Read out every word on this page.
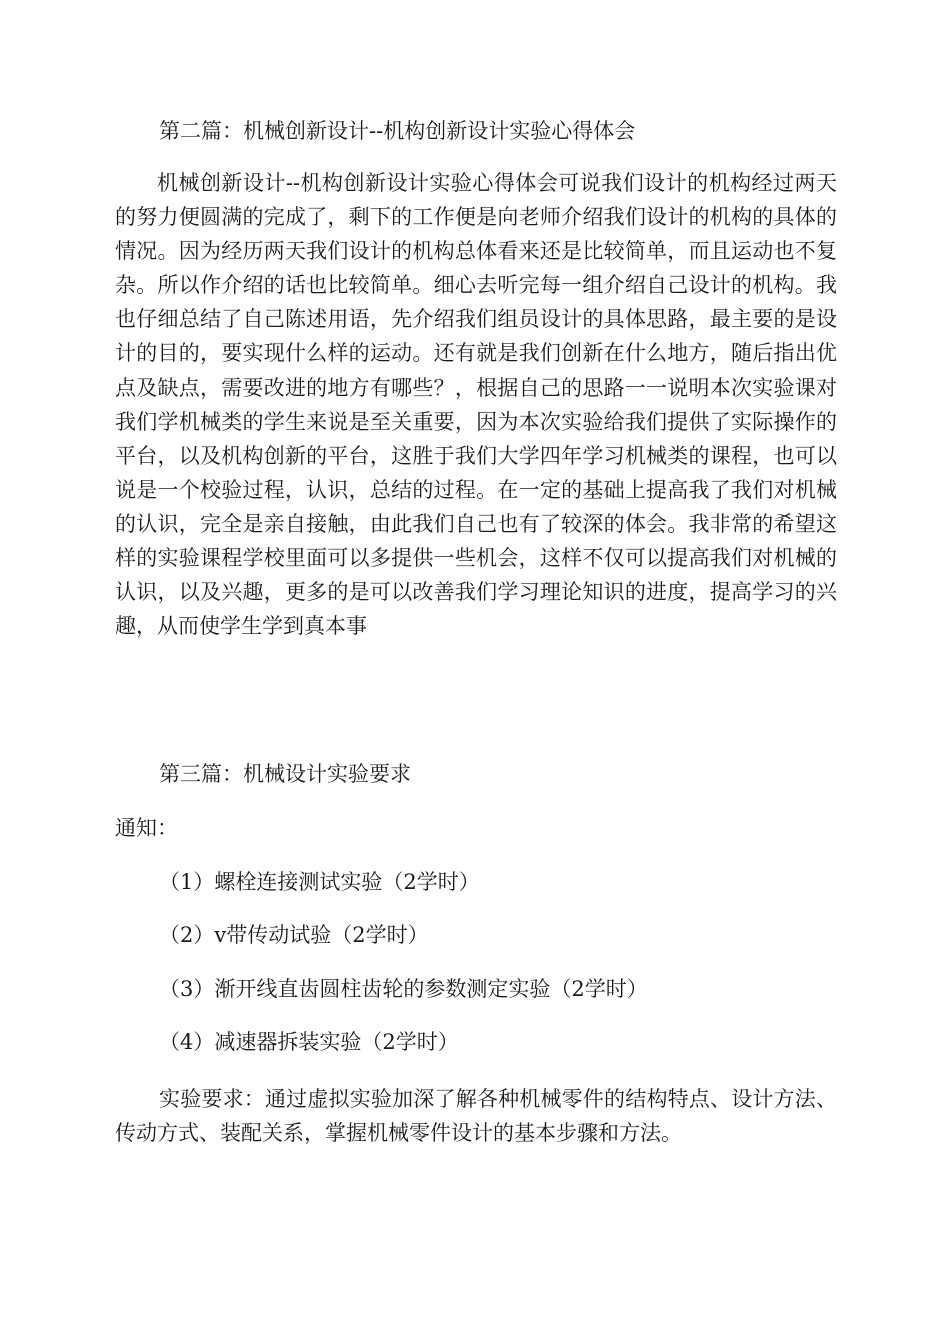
第二篇：机械创新设计--机构创新设计实验心得体会

机械创新设计--机构创新设计实验心得体会可说我们设计的机构经过两天的努力便圆满的完成了，剩下的工作便是向老师介绍我们设计的机构的具体的情况。因为经历两天我们设计的机构总体看来还是比较简单，而且运动也不复杂。所以作介绍的话也比较简单。细心去听完每一组介绍自己设计的机构。我也仔细总结了自己陈述用语，先介绍我们组员设计的具体思路，最主要的是设计的目的，要实现什么样的运动。还有就是我们创新在什么地方，随后指出优点及缺点，需要改进的地方有哪些？，根据自己的思路一一说明本次实验课对我们学机械类的学生来说是至关重要，因为本次实验给我们提供了实际操作的平台，以及机构创新的平台，这胜于我们大学四年学习机械类的课程，也可以说是一个校验过程，认识，总结的过程。在一定的基础上提高我了我们对机械的认识，完全是亲自接触，由此我们自己也有了较深的体会。我非常的希望这样的实验课程学校里面可以多提供一些机会，这样不仅可以提高我们对机械的认识，以及兴趣，更多的是可以改善我们学习理论知识的进度，提高学习的兴趣，从而使学生学到真本事

第三篇：机械设计实验要求

通知：

（1）螺栓连接测试实验（2学时）

（2）v带传动试验（2学时）

（3）渐开线直齿圆柱齿轮的参数测定实验（2学时）

（4）减速器拆装实验（2学时）

实验要求：通过虚拟实验加深了解各种机械零件的结构特点、设计方法、传动方式、装配关系，掌握机械零件设计的基本步骤和方法。
